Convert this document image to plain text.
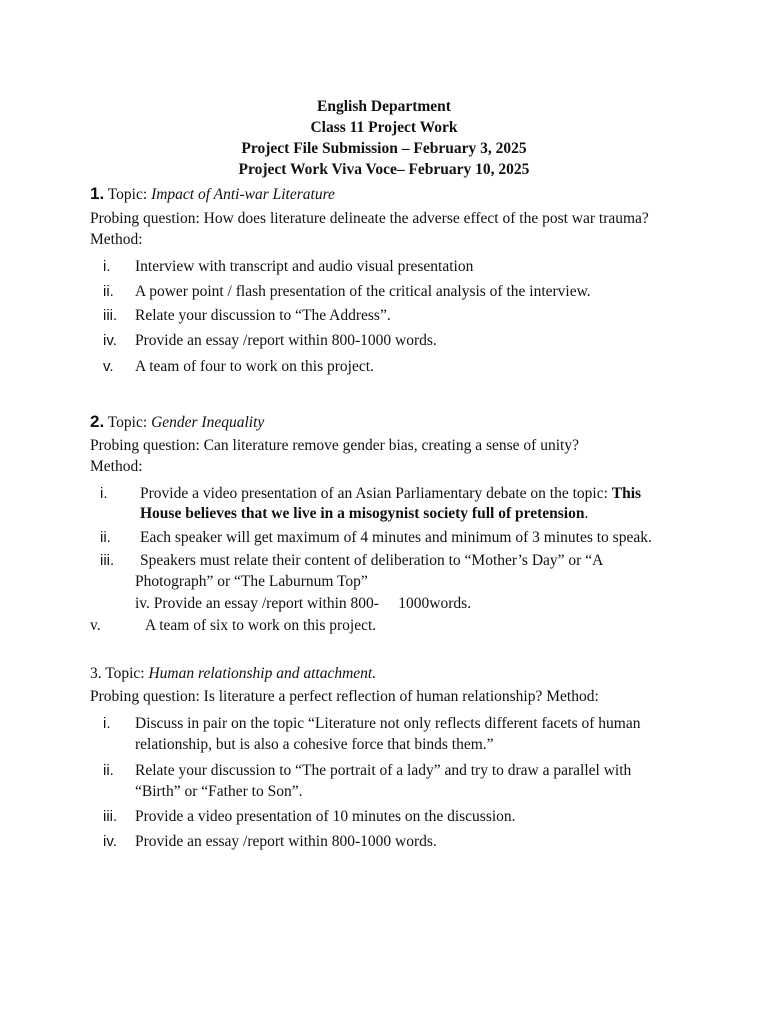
English Department
Class 11 Project Work
Project File Submission – February 3, 2025
Project Work Viva Voce– February 10, 2025
1. Topic: Impact of Anti-war Literature
Probing question: How does literature delineate the adverse effect of the post war trauma?
Method:
i. Interview with transcript and audio visual presentation
ii. A power point / flash presentation of the critical analysis of the interview.
iii. Relate your discussion to “The Address”.
iv. Provide an essay /report within 800-1000 words.
v. A team of four to work on this project.
2. Topic: Gender Inequality
Probing question: Can literature remove gender bias, creating a sense of unity?
Method:
i. Provide a video presentation of an Asian Parliamentary debate on the topic: This
House believes that we live in a misogynist society full of pretension.
ii. Each speaker will get maximum of 4 minutes and minimum of 3 minutes to speak.
iii. Speakers must relate their content of deliberation to “Mother’s Day” or “A
Photograph” or “The Laburnum Top”
iv. Provide an essay /report within 800-     1000words.
v.	A team of six to work on this project.
3. Topic: Human relationship and attachment.
Probing question: Is literature a perfect reflection of human relationship? Method:
i. Discuss in pair on the topic “Literature not only reflects different facets of human
relationship, but is also a cohesive force that binds them.”
ii. Relate your discussion to “The portrait of a lady” and try to draw a parallel with
“Birth” or “Father to Son”.
iii. Provide a video presentation of 10 minutes on the discussion.
iv. Provide an essay /report within 800-1000 words.
